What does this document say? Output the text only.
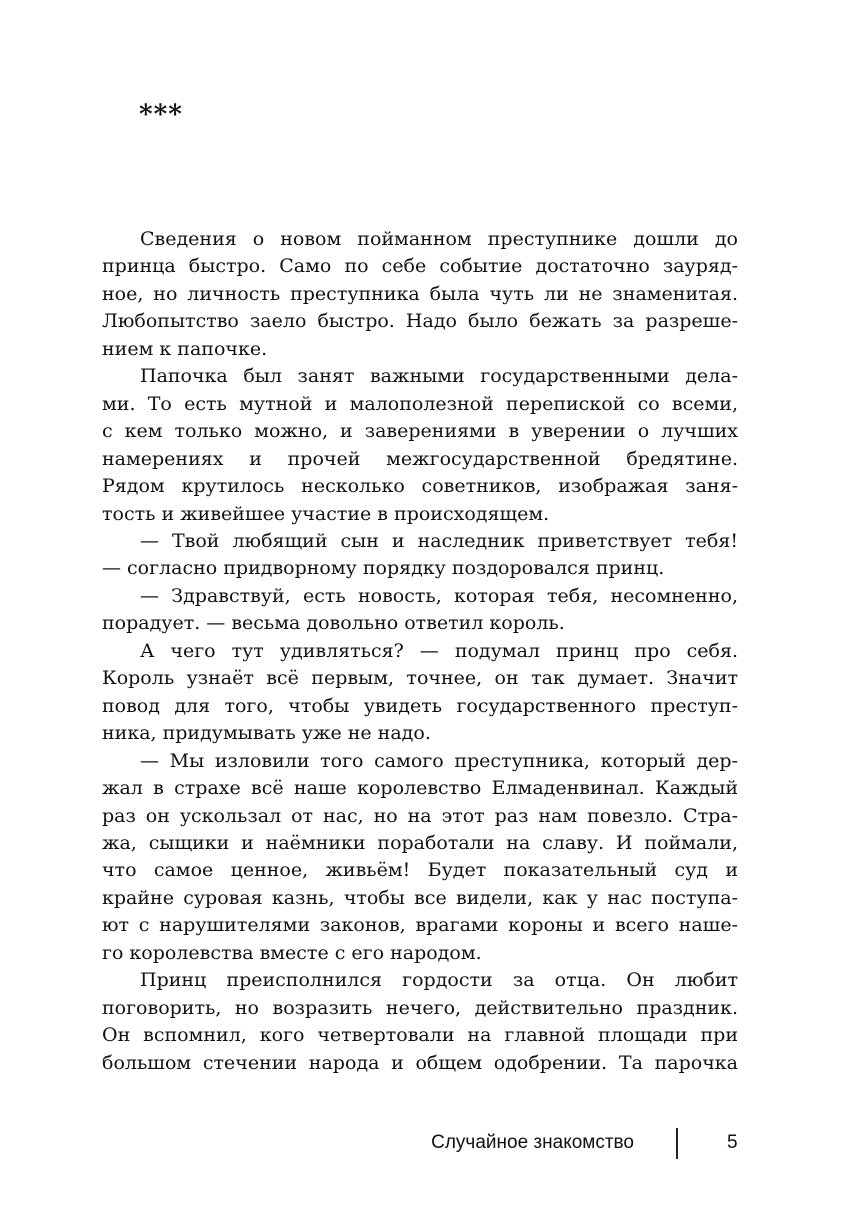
***
Сведения о новом пойманном преступнике дошли до
принца быстро. Само по себе событие достаточно зауряд-
ное, но личность преступника была чуть ли не знаменитая.
Любопытство заело быстро. Надо было бежать за разреше-
нием к папочке.
Папочка был занят важными государственными дела-
ми. То есть мутной и малополезной перепиской со всеми,
с кем только можно, и заверениями в уверении о лучших
намерениях и прочей межгосударственной бредятине.
Рядом крутилось несколько советников, изображая заня-
тость и живейшее участие в происходящем.
— Твой любящий сын и наследник приветствует тебя!
— согласно придворному порядку поздоровался принц.
— Здравствуй, есть новость, которая тебя, несомненно,
порадует. — весьма довольно ответил король.
А чего тут удивляться? — подумал принц про себя.
Король узнаёт всё первым, точнее, он так думает. Значит
повод для того, чтобы увидеть государственного преступ-
ника, придумывать уже не надо.
— Мы изловили того самого преступника, который дер-
жал в страхе всё наше королевство Елмаденвинал. Каждый
раз он ускользал от нас, но на этот раз нам повезло. Стра-
жа, сыщики и наёмники поработали на славу. И поймали,
что самое ценное, живьём! Будет показательный суд и
крайне суровая казнь, чтобы все видели, как у нас поступа-
ют с нарушителями законов, врагами короны и всего наше-
го королевства вместе с его народом.
Принц преисполнился гордости за отца. Он любит
поговорить, но возразить нечего, действительно праздник.
Он вспомнил, кого четвертовали на главной площади при
большом стечении народа и общем одобрении. Та парочка
Случайное знакомство	5
